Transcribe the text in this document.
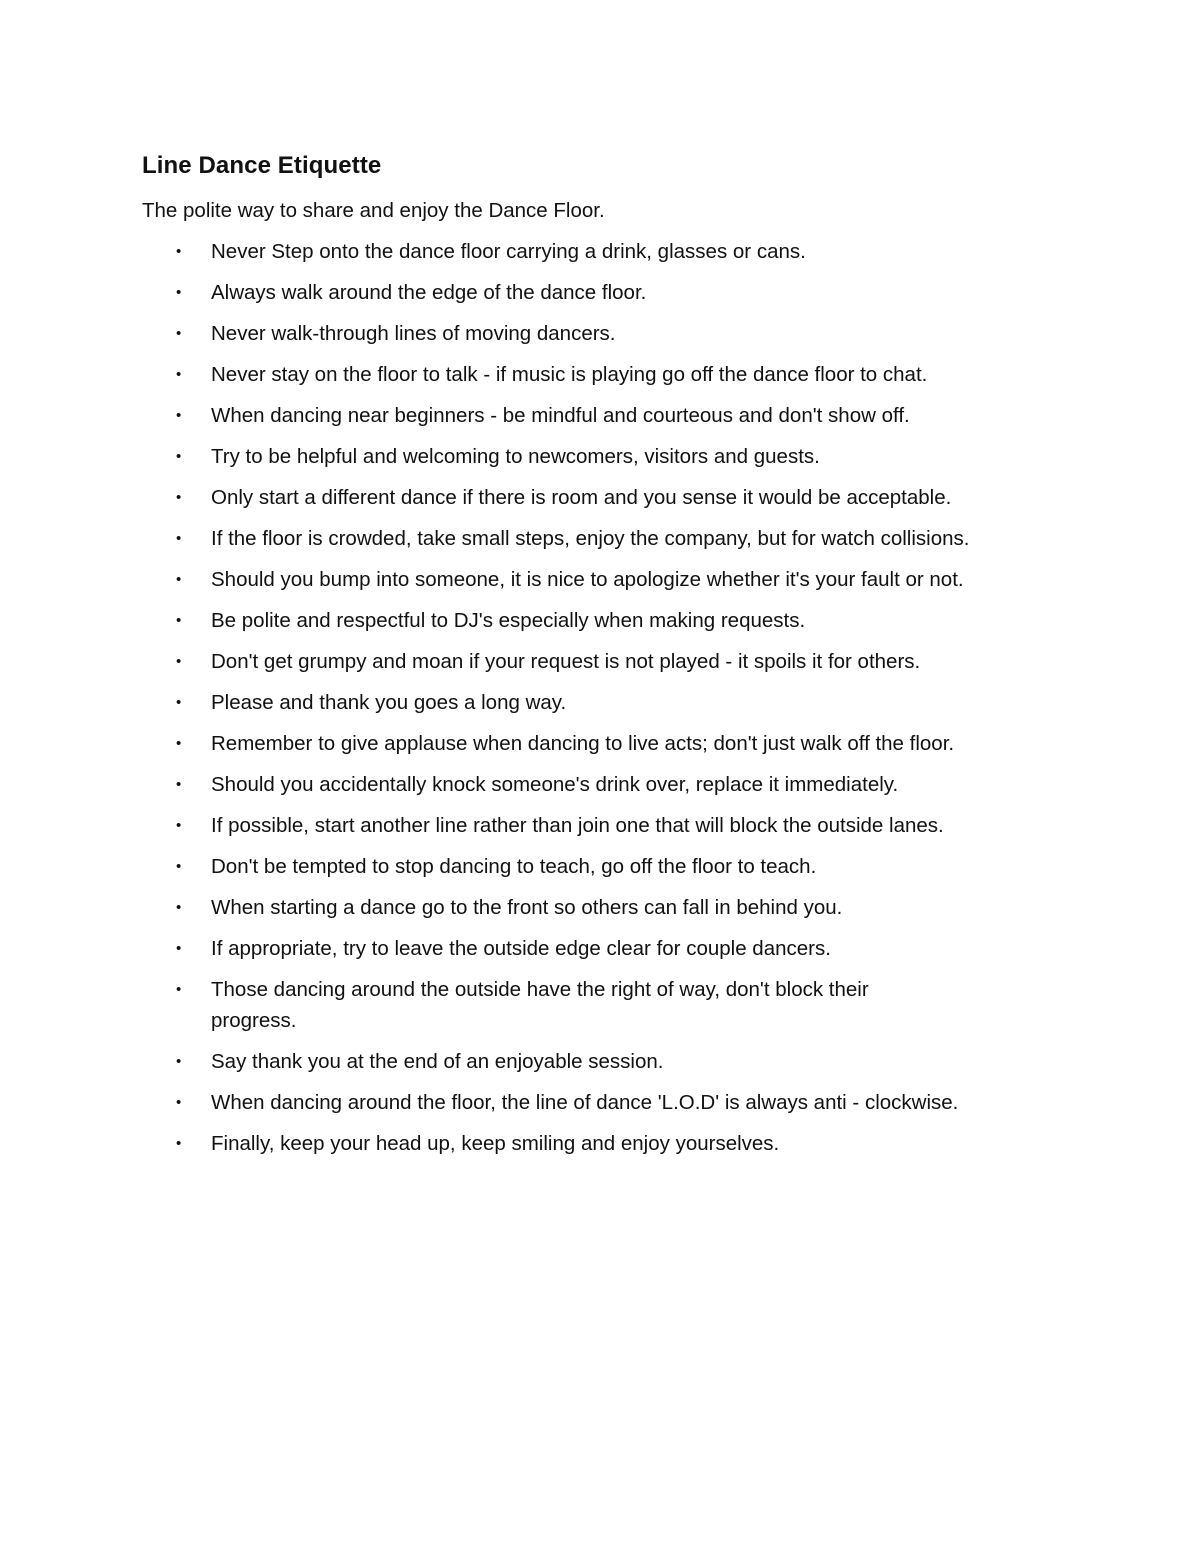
Line Dance Etiquette

The polite way to share and enjoy the Dance Floor.

• Never Step onto the dance floor carrying a drink, glasses or cans.
• Always walk around the edge of the dance floor.
• Never walk-through lines of moving dancers.
• Never stay on the floor to talk - if music is playing go off the dance floor to chat.
• When dancing near beginners - be mindful and courteous and don't show off.
• Try to be helpful and welcoming to newcomers, visitors and guests.
• Only start a different dance if there is room and you sense it would be acceptable.
• If the floor is crowded, take small steps, enjoy the company, but for watch collisions.
• Should you bump into someone, it is nice to apologize whether it's your fault or not.
• Be polite and respectful to DJ's especially when making requests.
• Don't get grumpy and moan if your request is not played - it spoils it for others.
• Please and thank you goes a long way.
• Remember to give applause when dancing to live acts; don't just walk off the floor.
• Should you accidentally knock someone's drink over, replace it immediately.
• If possible, start another line rather than join one that will block the outside lanes.
• Don't be tempted to stop dancing to teach, go off the floor to teach.
• When starting a dance go to the front so others can fall in behind you.
• If appropriate, try to leave the outside edge clear for couple dancers.
• Those dancing around the outside have the right of way, don't block their progress.
• Say thank you at the end of an enjoyable session.
• When dancing around the floor, the line of dance 'L.O.D' is always anti - clockwise.
• Finally, keep your head up, keep smiling and enjoy yourselves.
